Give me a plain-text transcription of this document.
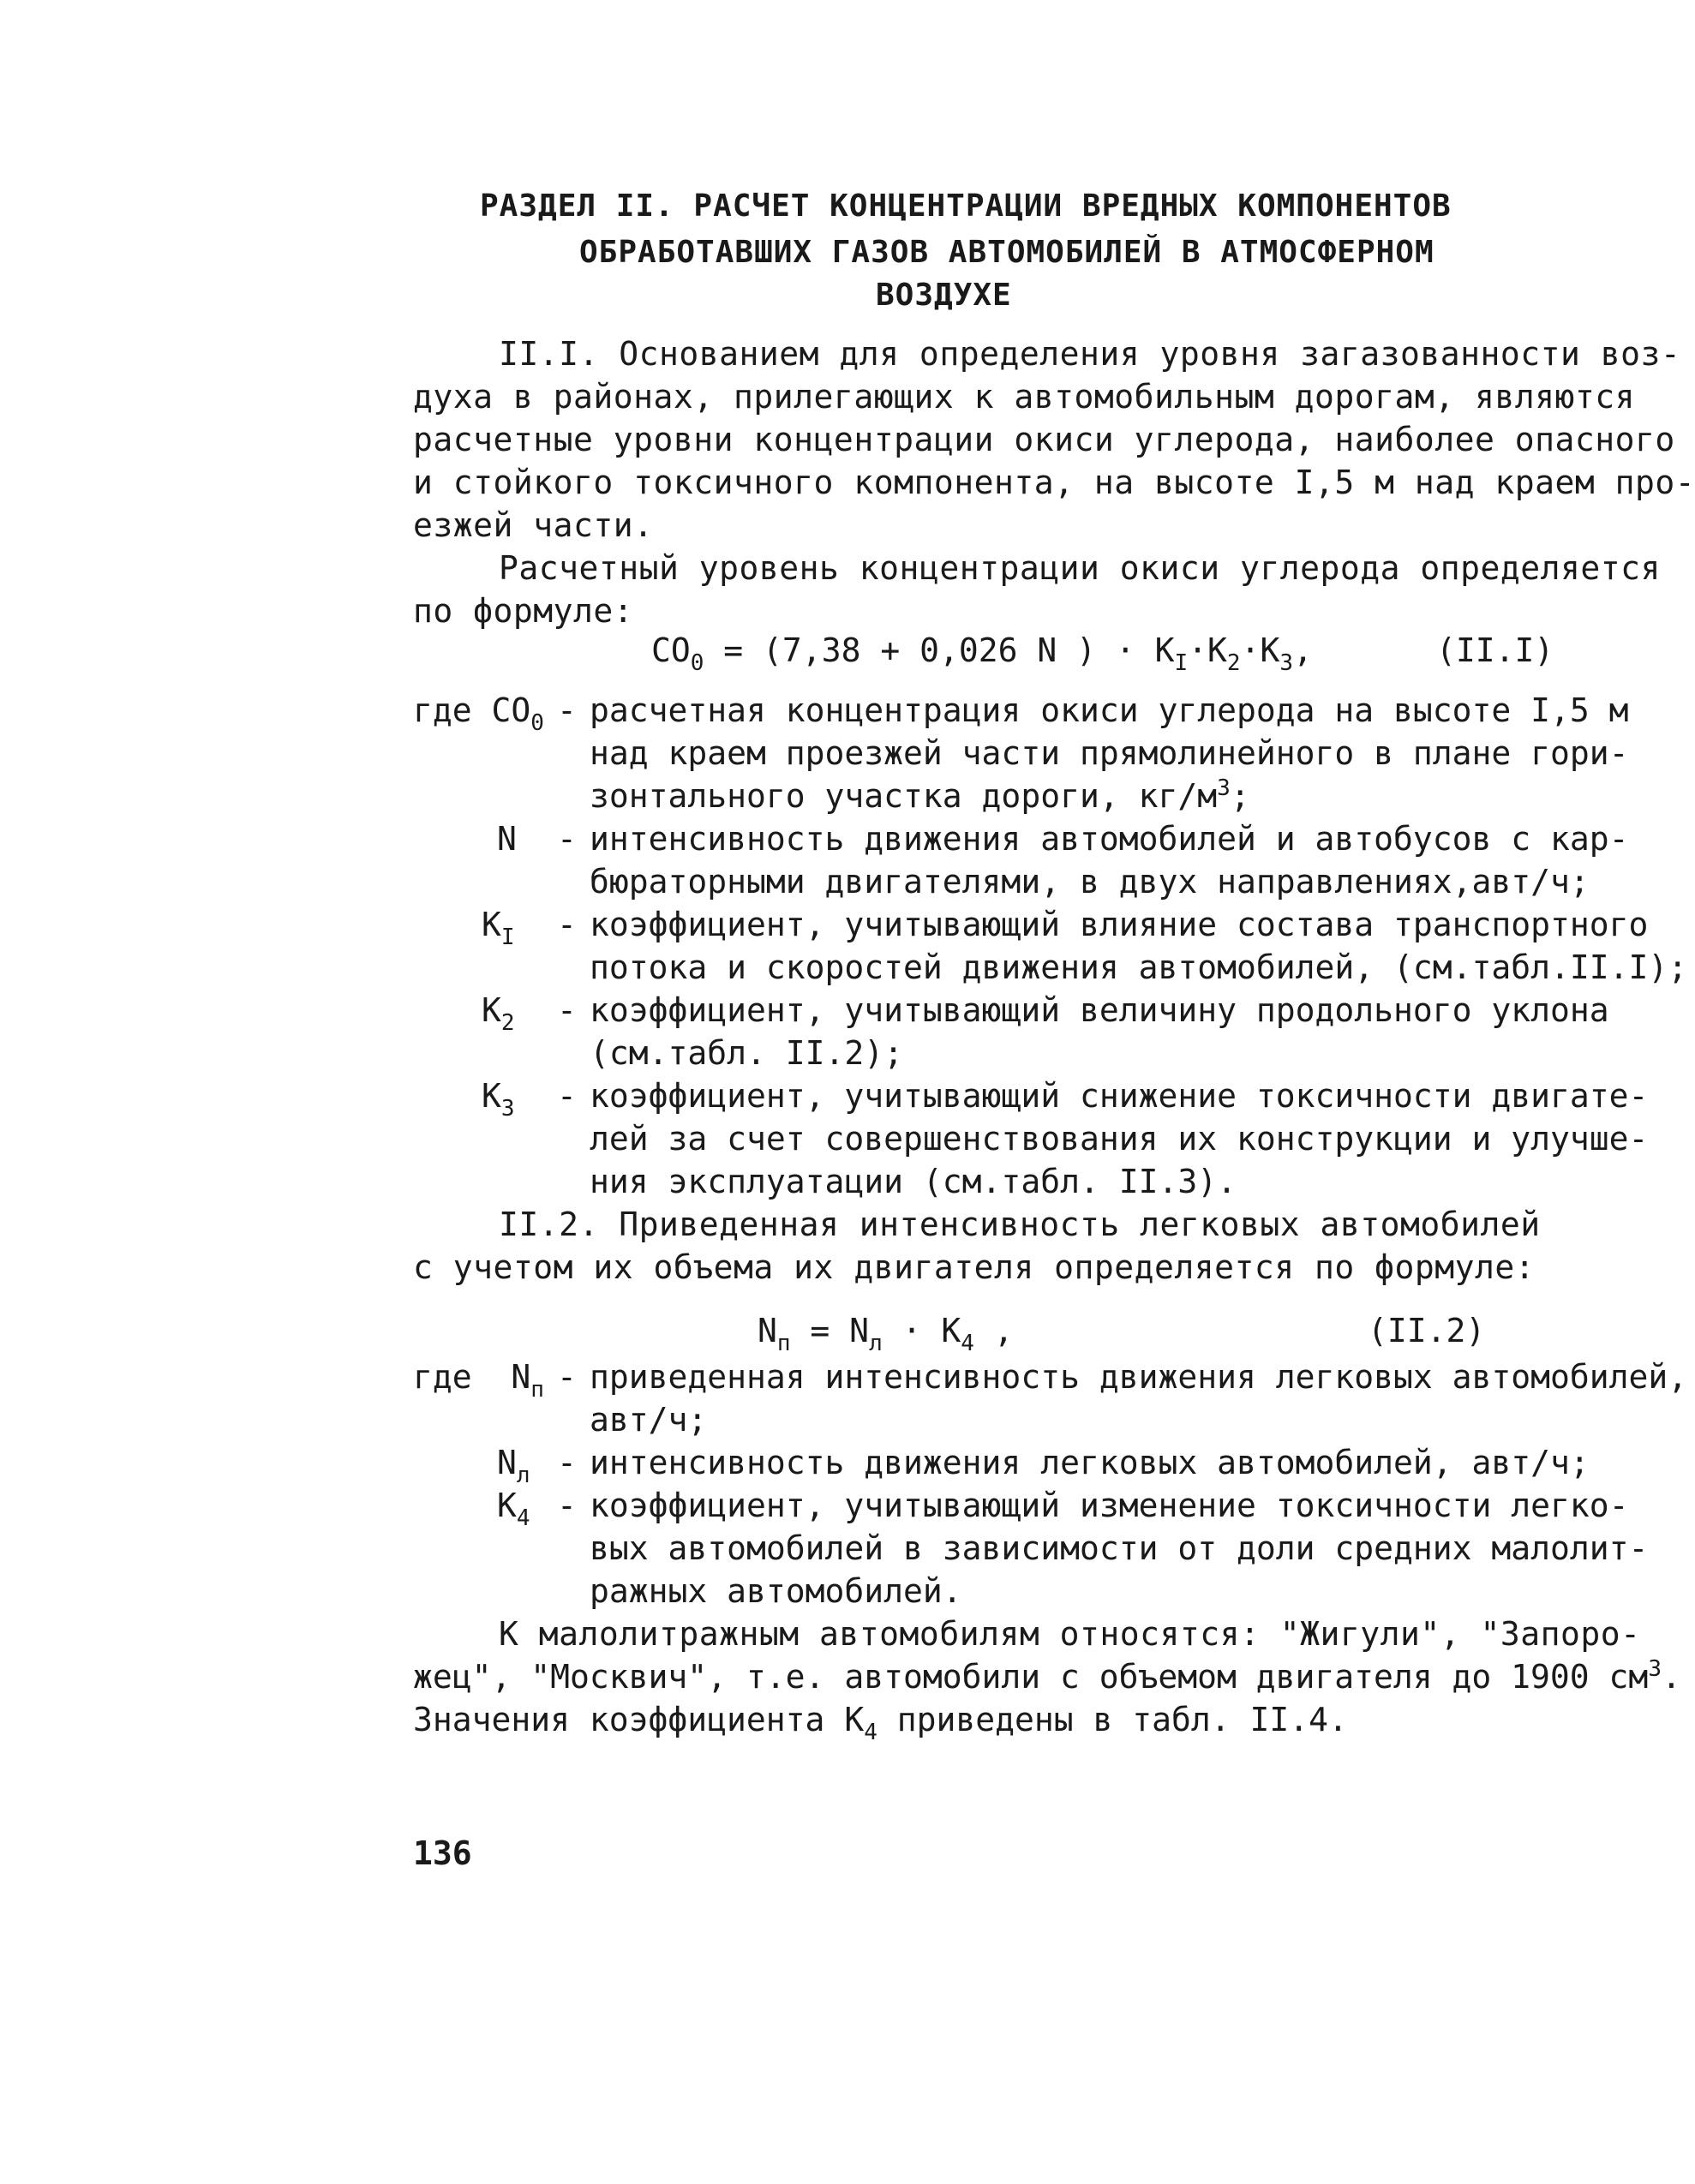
РАЗДЕЛ II. РАСЧЕТ КОНЦЕНТРАЦИИ ВРЕДНЫХ КОМПОНЕНТОВ
ОБРАБОТАВШИХ ГАЗОВ АВТОМОБИЛЕЙ В АТМОСФЕРНОМ
ВОЗДУХЕ
II.I. Основанием для определения уровня загазованности воз-
духа в районах, прилегающих к автомобильным дорогам, являются
расчетные уровни концентрации окиси углерода, наиболее опасного
и стойкого токсичного компонента, на высоте I,5 м над краем про-
езжей части.
Расчетный уровень концентрации окиси углерода определяется
по формуле:
$CO_0 = (7,38 + 0,026$ N ) · $K_I\cdot K_2\cdot K_3$,	(II.I)
где $CO_0$ - расчетная концентрация окиси углерода на высоте I,5 м
над краем проезжей части прямолинейного в плане гори-
зонтального участка дороги, $кг/м^3$;
N - интенсивность движения автомобилей и автобусов с кар-
бюраторными двигателями, в двух направлениях,авт/ч;
$K_I$ - коэффициент, учитывающий влияние состава транспортного
потока и скоростей движения автомобилей, (см.табл.II.I);
$K_2$ - коэффициент, учитывающий величину продольного уклона
(см.табл. II.2);
$K_3$ - коэффициент, учитывающий снижение токсичности двигате-
лей за счет совершенствования их конструкции и улучше-
ния эксплуатации (см.табл. II.3).
II.2. Приведенная интенсивность легковых автомобилей
с учетом их объема их двигателя определяется по формуле:
$N_п = N_л \cdot K_4$ ,	(II.2)
где  $N_п$ - приведенная интенсивность движения легковых автомобилей,
авт/ч;
$N_л$ - интенсивность движения легковых автомобилей, авт/ч;
$K_4$ - коэффициент, учитывающий изменение токсичности легко-
вых автомобилей в зависимости от доли средних малолит-
ражных автомобилей.
К малолитражным автомобилям относятся: "Жигули", "Запоро-
жец", "Москвич", т.е. автомобили с объемом двигателя до 1900 $см^3$.
Значения коэффициента $K_4$ приведены в табл. II.4.
136
